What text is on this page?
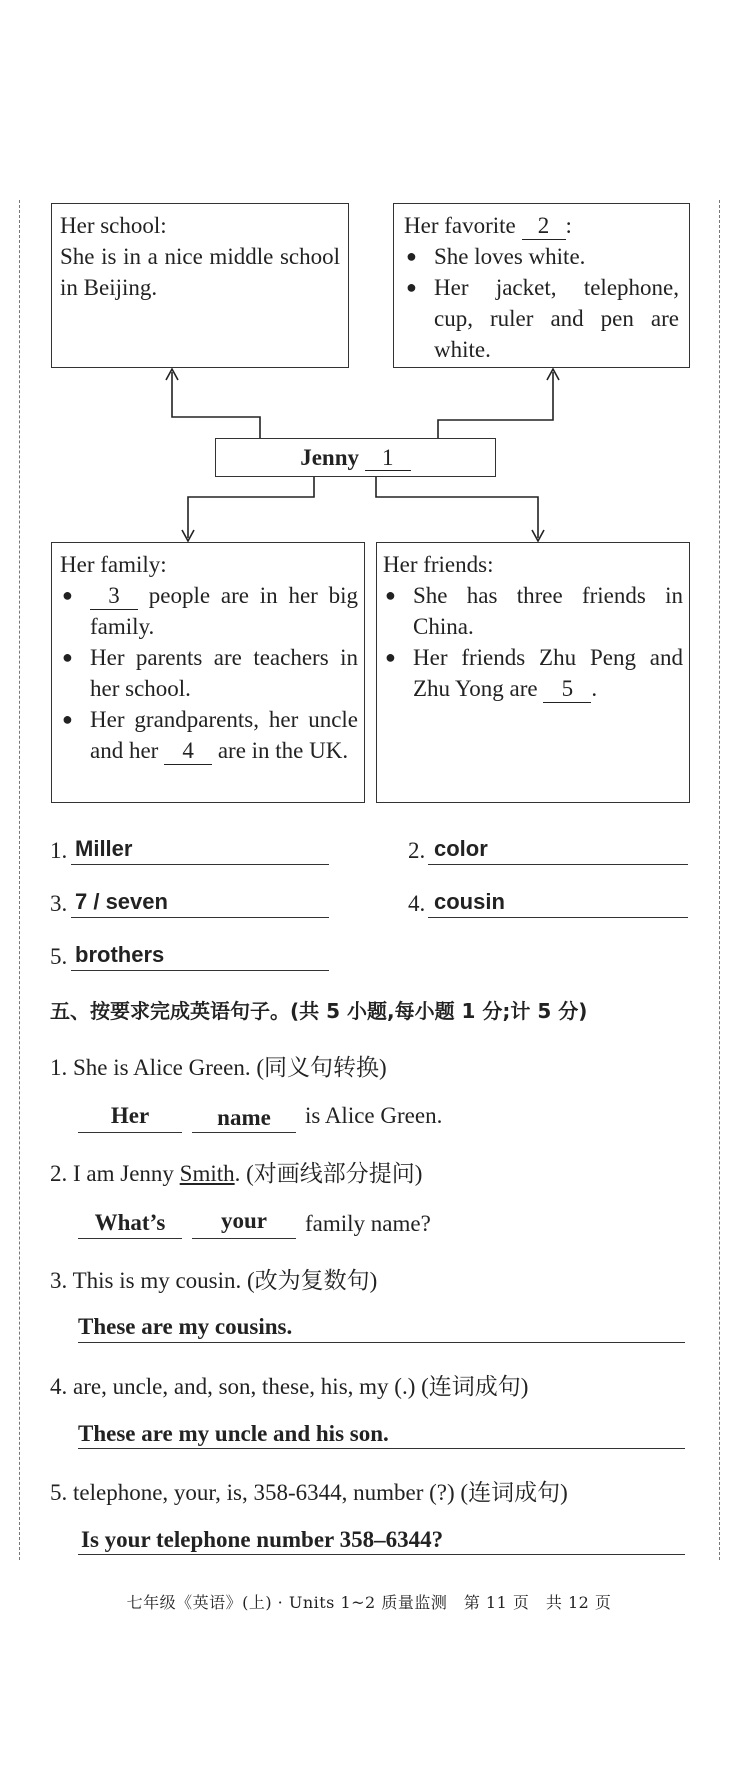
Her school:
She is in a nice middle school in Beijing.
Her favorite 2 :
● She loves white.
● Her jacket, telephone, cup, ruler and pen are white.
Jenny 1
Her family:
● 3 people are in her big family.
● Her parents are teachers in her school.
● Her grandparents, her uncle and her 4 are in the UK.
Her friends:
● She has three friends in China.
● Her friends Zhu Peng and Zhu Yong are 5 .
1. Miller	2. color
3. 7 / seven	4. cousin
5. brothers
五、按要求完成英语句子。(共 5 小题,每小题 1 分;计 5 分)
1. She is Alice Green. (同义句转换)
Her	name	is Alice Green.
2. I am Jenny Smith. (对画线部分提问)
What’s	your	family name?
3. This is my cousin. (改为复数句)
These are my cousins.
4. are, uncle, and, son, these, his, my (.) (连词成句)
These are my uncle and his son.
5. telephone, your, is, 358-6344, number (?) (连词成句)
Is your telephone number 358–6344?
七年级《英语》(上) · Units 1~2 质量监测　第 11 页　共 12 页
